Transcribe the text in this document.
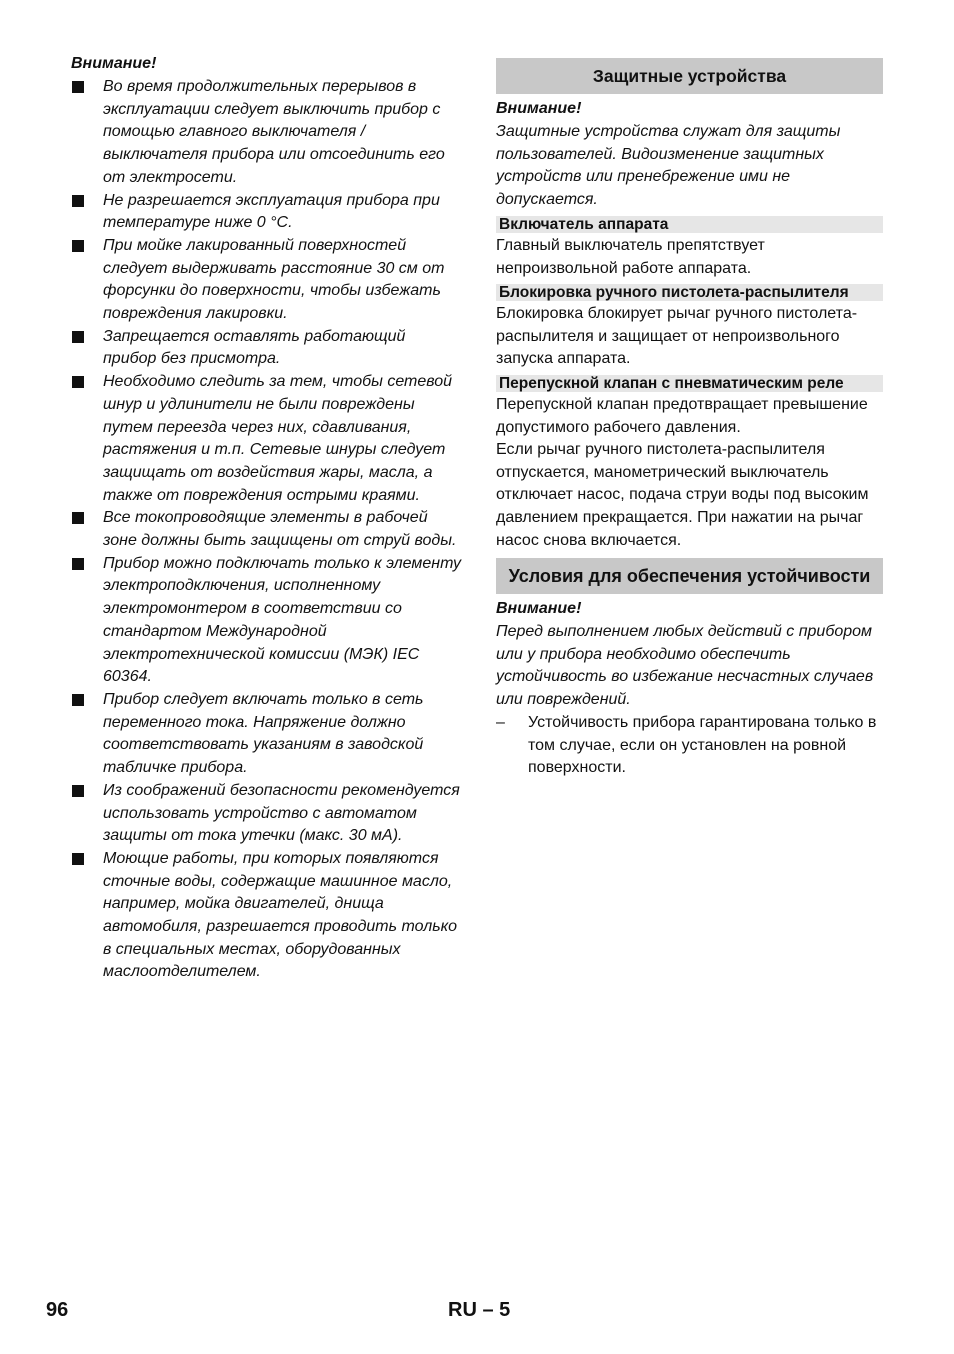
Внимание!
Во время продолжительных перерывов в эксплуатации следует выключить прибор с помощью главного выключателя / выключателя прибора или отсоединить его от электросети.
Не разрешается эксплуатация прибора при температуре ниже 0 °С.
При мойке лакированный поверхностей следует выдерживать расстояние 30 см от форсунки до поверхности, чтобы избежать повреждения лакировки.
Запрещается оставлять работающий прибор без присмотра.
Необходимо следить за тем, чтобы сетевой шнур и удлинители не были повреждены путем переезда через них, сдавливания, растяжения и т.п. Сетевые шнуры следует защищать от воздействия жары, масла, а также от повреждения острыми краями.
Все токопроводящие элементы в рабочей зоне должны быть защищены от струй воды.
Прибор можно подключать только к элементу электроподключения, исполненному электромонтером в соответствии со стандартом Международной электротехнической комиссии (МЭК) IEC 60364.
Прибор следует включать только в сеть переменного тока. Напряжение должно соответствовать указаниям в заводской табличке прибора.
Из соображений безопасности рекомендуется использовать устройство с автоматом защиты от тока утечки (макс. 30 мА).
Моющие работы, при которых появляются сточные воды, содержащие машинное масло, например, мойка двигателей, днища автомобиля, разрешается проводить только в специальных местах, оборудованных маслоотделителем.
Защитные устройства
Внимание!
Защитные устройства служат для защиты пользователей. Видоизменение защитных устройств или пренебрежение ими не допускается.
Включатель аппарата
Главный выключатель препятствует непроизвольной работе аппарата.
Блокировка ручного пистолета-распылителя
Блокировка блокирует рычаг ручного пистолета-распылителя и защищает от непроизвольного запуска аппарата.
Перепускной клапан с пневматическим реле
Перепускной клапан предотвращает превышение допустимого рабочего давления.
Если рычаг ручного пистолета-распылителя отпускается, манометрический выключатель отключает насос, подача струи воды под высоким давлением прекращается. При нажатии на рычаг насос снова включается.
Условия для обеспечения устойчивости
Внимание!
Перед выполнением любых действий с прибором или у прибора необходимо обеспечить устойчивость во избежание несчастных случаев или повреждений.
–	Устойчивость прибора гарантирована только в том случае, если он установлен на ровной поверхности.
96	RU – 5
